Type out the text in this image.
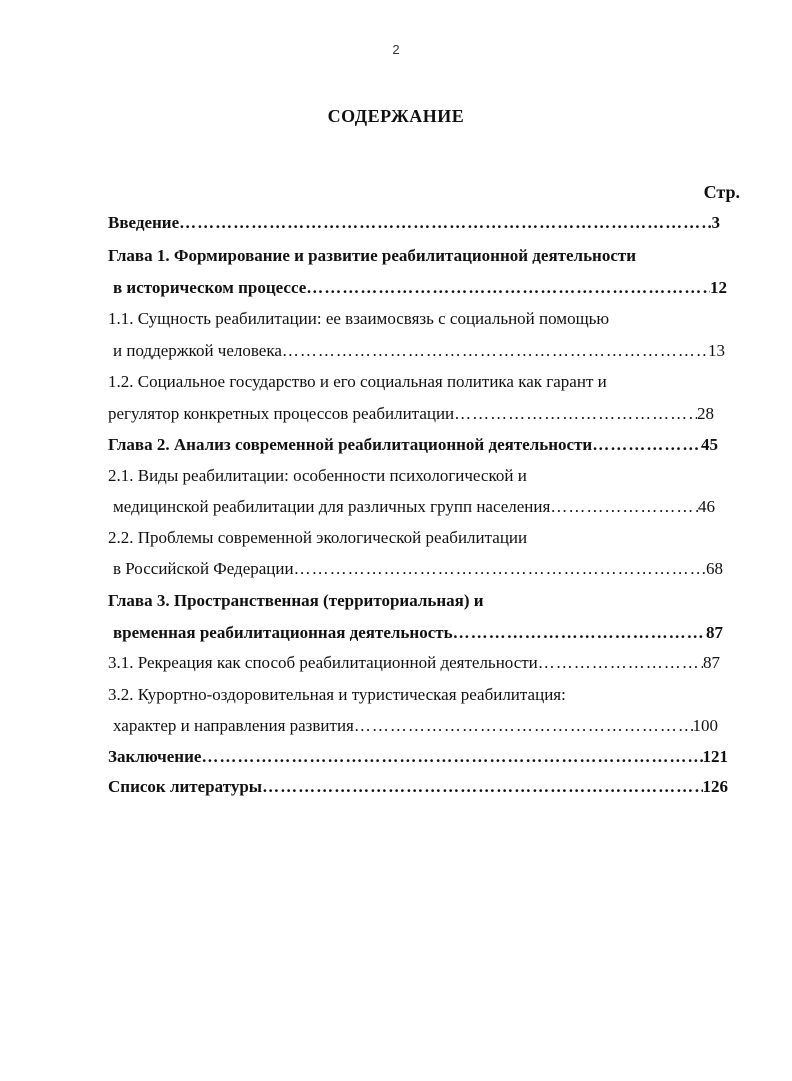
2
СОДЕРЖАНИЕ
Стр.
Введение …………………………………………………………………………………………………………………………………………………………………………………………………………	3
Глава 1. Формирование и развитие реабилитационной деятельности
в историческом процессе …………………………………………………………………………………………………………………………………………………………………………………………………………	12
1.1. Сущность реабилитации: ее взаимосвязь с социальной помощью
и поддержкой человека …………………………………………………………………………………………………………………………………………………………………………………………………………	13
1.2. Социальное государство и его социальная политика как гарант и
регулятор конкретных процессов реабилитации …………………………………………………………………………………………………………………………………………………………………………………………………………	28
Глава 2. Анализ современной реабилитационной деятельности …………………………………………………………………………………………………………………………………………………………………………………………………………	45
2.1. Виды реабилитации: особенности психологической и
медицинской реабилитации для различных групп населения …………………………………………………………………………………………………………………………………………………………………………………………………………	46
2.2. Проблемы современной экологической реабилитации
в Российской Федерации …………………………………………………………………………………………………………………………………………………………………………………………………………	68
Глава 3. Пространственная (территориальная) и
временная реабилитационная деятельность …………………………………………………………………………………………………………………………………………………………………………………………………………	87
3.1. Рекреация как способ реабилитационной деятельности …………………………………………………………………………………………………………………………………………………………………………………………………………	87
3.2. Курортно-оздоровительная и туристическая реабилитация:
характер и направления развития …………………………………………………………………………………………………………………………………………………………………………………………………………	100
Заключение …………………………………………………………………………………………………………………………………………………………………………………………………………	121
Список литературы …………………………………………………………………………………………………………………………………………………………………………………………………………	126
